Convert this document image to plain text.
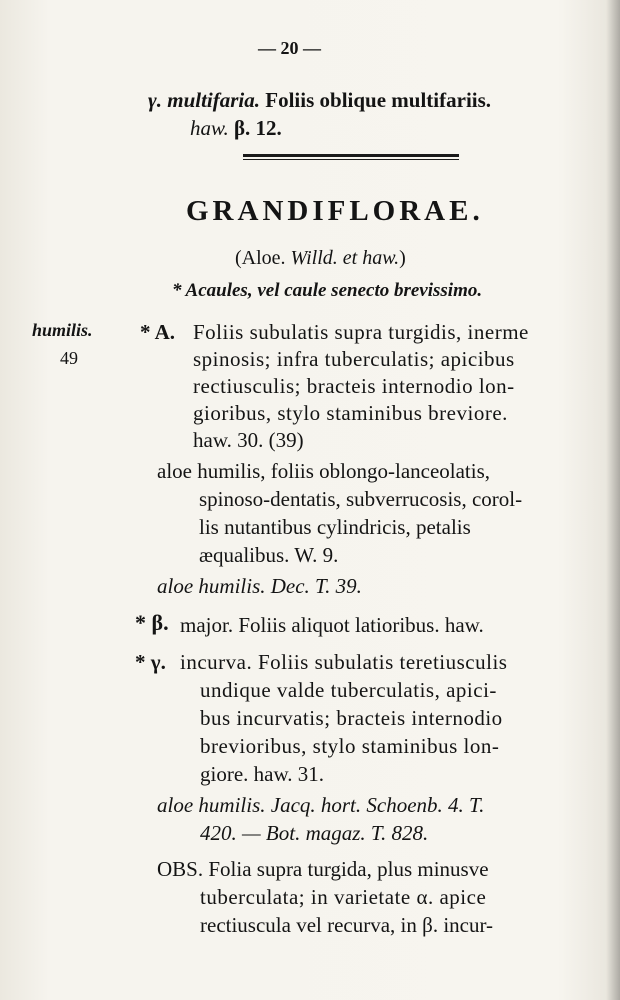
— 20 —
γ. multifaria. Foliis oblique multifariis.
haw. β. 12.
GRANDIFLORAE.
(Aloe. Willd. et haw.)
* Acaules, vel caule senecto brevissimo.
humilis.
49
* A. Foliis subulatis supra turgidis, inerme
spinosis; infra tuberculatis; apicibus
rectiusculis; bracteis internodio lon-
gioribus, stylo staminibus breviore.
haw. 30. (39)
aloe humilis, foliis oblongo-lanceolatis,
spinoso-dentatis, subverrucosis, corol-
lis nutantibus cylindricis, petalis
æqualibus. W. 9.
aloe humilis. Dec. T. 39.
* β. major. Foliis aliquot latioribus. haw.
* γ. incurva. Foliis subulatis teretiusculis
undique valde tuberculatis, apici-
bus incurvatis; bracteis internodio
brevioribus, stylo staminibus lon-
giore. haw. 31.
aloe humilis. Jacq. hort. Schoenb. 4. T.
420. — Bot. magaz. T. 828.
OBS. Folia supra turgida, plus minusve
tuberculata; in varietate α. apice
rectiuscula vel recurva, in β. incur-
